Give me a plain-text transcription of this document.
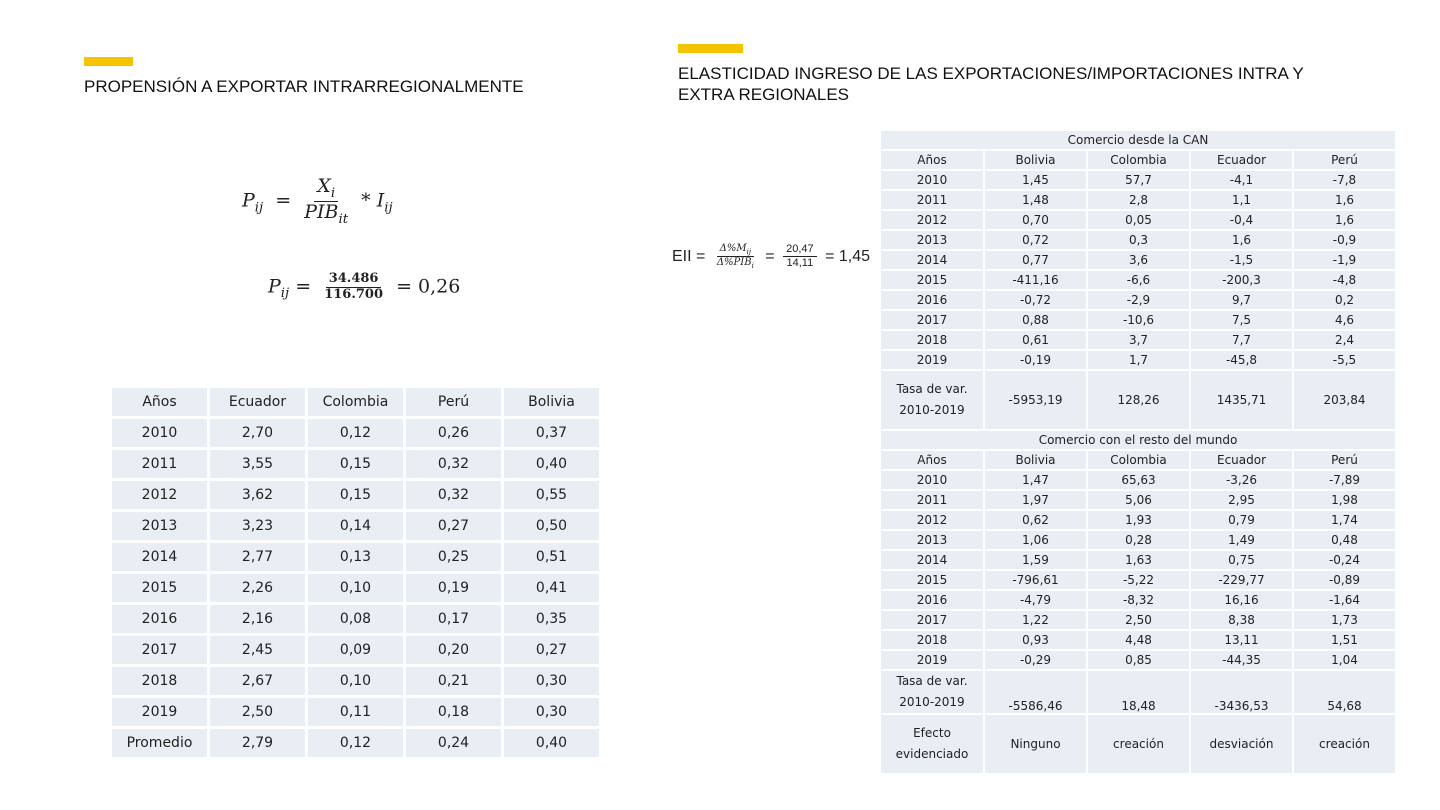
PROPENSIÓN A EXPORTAR INTRARREGIONALMENTE
$P_{ij} = \frac{X_i}{PIB_{it}} * I_{ij}$
$P_{ij} = \frac{34.486}{116.700} = 0,26$
Años	Ecuador	Colombia	Perú	Bolivia
2010	2,70	0,12	0,26	0,37
2011	3,55	0,15	0,32	0,40
2012	3,62	0,15	0,32	0,55
2013	3,23	0,14	0,27	0,50
2014	2,77	0,13	0,25	0,51
2015	2,26	0,10	0,19	0,41
2016	2,16	0,08	0,17	0,35
2017	2,45	0,09	0,20	0,27
2018	2,67	0,10	0,21	0,30
2019	2,50	0,11	0,18	0,30
Promedio	2,79	0,12	0,24	0,40
ELASTICIDAD INGRESO DE LAS EXPORTACIONES/IMPORTACIONES INTRA Y
EXTRA REGIONALES
EII = $\frac{\Delta\%M_{ij}}{\Delta\%PIB_i} = \frac{20,47}{14,11} = 1,45$
Comercio desde la CAN				
Años	Bolivia	Colombia	Ecuador	Perú
2010	1,45	57,7	-4,1	-7,8
2011	1,48	2,8	1,1	1,6
2012	0,70	0,05	-0,4	1,6
2013	0,72	0,3	1,6	-0,9
2014	0,77	3,6	-1,5	-1,9
2015	-411,16	-6,6	-200,3	-4,8
2016	-0,72	-2,9	9,7	0,2
2017	0,88	-10,6	7,5	4,6
2018	0,61	3,7	7,7	2,4
2019	-0,19	1,7	-45,8	-5,5

Tasa de var.
2010-2019	-5953,19	128,26	1435,71	203,84
Comercio con el resto del mundo				
Años	Bolivia	Colombia	Ecuador	Perú
2010	1,47	65,63	-3,26	-7,89
2011	1,97	5,06	2,95	1,98
2012	0,62	1,93	0,79	1,74
2013	1,06	0,28	1,49	0,48
2014	1,59	1,63	0,75	-0,24
2015	-796,61	-5,22	-229,77	-0,89
2016	-4,79	-8,32	16,16	-1,64
2017	1,22	2,50	8,38	1,73
2018	0,93	4,48	13,11	1,51
2019	-0,29	0,85	-44,35	1,04

Tasa de var.
2010-2019	-5586,46	18,48	-3436,53	54,68

Efecto
evidenciado	Ninguno	creación	desviación	creación
